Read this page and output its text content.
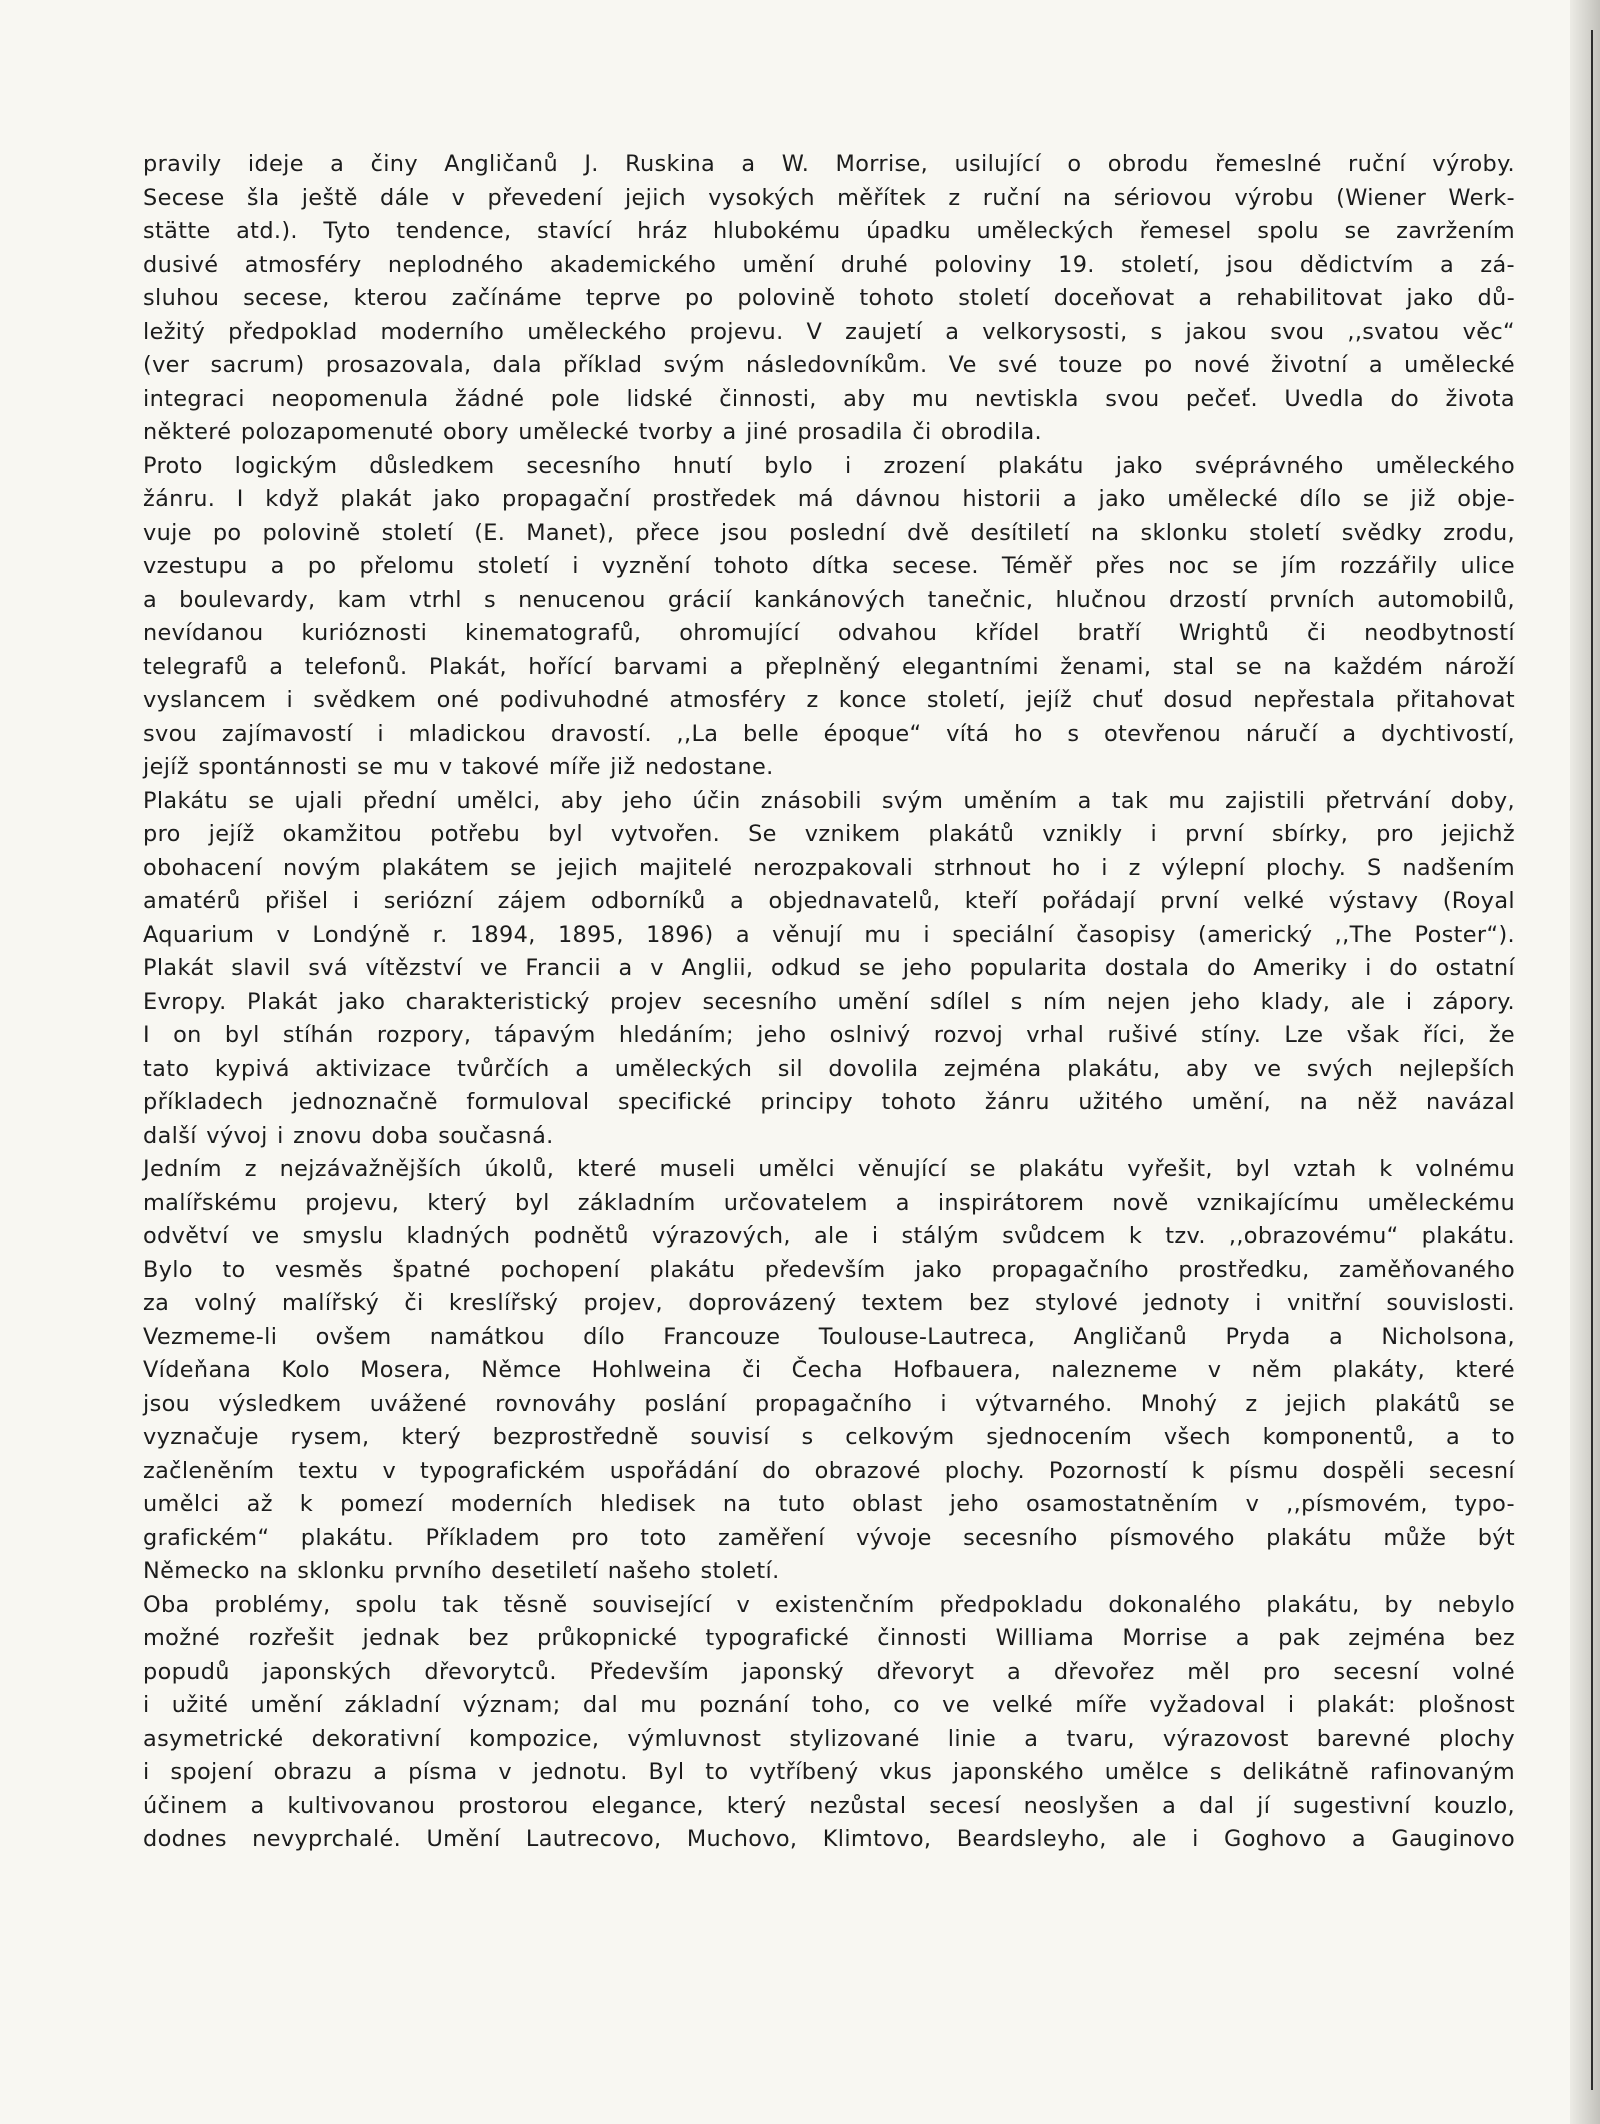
pravily ideje a činy Angličanů J. Ruskina a W. Morrise, usilující o obrodu řemeslné ruční výroby.
Secese šla ještě dále v převedení jejich vysokých měřítek z ruční na sériovou výrobu (Wiener Werk-
stätte atd.). Tyto tendence, stavící hráz hlubokému úpadku uměleckých řemesel spolu se zavržením
dusivé atmosféry neplodného akademického umění druhé poloviny 19. století, jsou dědictvím a zá-
sluhou secese, kterou začínáme teprve po polovině tohoto století doceňovat a rehabilitovat jako dů-
ležitý předpoklad moderního uměleckého projevu. V zaujetí a velkorysosti, s jakou svou ,,svatou věc“
(ver sacrum) prosazovala, dala příklad svým následovníkům. Ve své touze po nové životní a umělecké
integraci neopomenula žádné pole lidské činnosti, aby mu nevtiskla svou pečeť. Uvedla do života
některé polozapomenuté obory umělecké tvorby a jiné prosadila či obrodila.
Proto logickým důsledkem secesního hnutí bylo i zrození plakátu jako svéprávného uměleckého
žánru. I když plakát jako propagační prostředek má dávnou historii a jako umělecké dílo se již obje-
vuje po polovině století (E. Manet), přece jsou poslední dvě desítiletí na sklonku století svědky zrodu,
vzestupu a po přelomu století i vyznění tohoto dítka secese. Téměř přes noc se jím rozzářily ulice
a boulevardy, kam vtrhl s nenucenou grácií kankánových tanečnic, hlučnou drzostí prvních automobilů,
nevídanou kurióznosti kinematografů, ohromující odvahou křídel bratří Wrightů či neodbytností
telegrafů a telefonů. Plakát, hořící barvami a přeplněný elegantními ženami, stal se na každém nároží
vyslancem i svědkem oné podivuhodné atmosféry z konce století, jejíž chuť dosud nepřestala přitahovat
svou zajímavostí i mladickou dravostí. ,,La belle époque“ vítá ho s otevřenou náručí a dychtivostí,
jejíž spontánnosti se mu v takové míře již nedostane.
Plakátu se ujali přední umělci, aby jeho účin znásobili svým uměním a tak mu zajistili přetrvání doby,
pro jejíž okamžitou potřebu byl vytvořen. Se vznikem plakátů vznikly i první sbírky, pro jejichž
obohacení novým plakátem se jejich majitelé nerozpakovali strhnout ho i z výlepní plochy. S nadšením
amatérů přišel i seriózní zájem odborníků a objednavatelů, kteří pořádají první velké výstavy (Royal
Aquarium v Londýně r. 1894, 1895, 1896) a věnují mu i speciální časopisy (americký ,,The Poster“).
Plakát slavil svá vítězství ve Francii a v Anglii, odkud se jeho popularita dostala do Ameriky i do ostatní
Evropy. Plakát jako charakteristický projev secesního umění sdílel s ním nejen jeho klady, ale i zápory.
I on byl stíhán rozpory, tápavým hledáním; jeho oslnivý rozvoj vrhal rušivé stíny. Lze však říci, že
tato kypivá aktivizace tvůrčích a uměleckých sil dovolila zejména plakátu, aby ve svých nejlepších
příkladech jednoznačně formuloval specifické principy tohoto žánru užitého umění, na něž navázal
další vývoj i znovu doba současná.
Jedním z nejzávažnějších úkolů, které museli umělci věnující se plakátu vyřešit, byl vztah k volnému
malířskému projevu, který byl základním určovatelem a inspirátorem nově vznikajícímu uměleckému
odvětví ve smyslu kladných podnětů výrazových, ale i stálým svůdcem k tzv. ,,obrazovému“ plakátu.
Bylo to vesměs špatné pochopení plakátu především jako propagačního prostředku, zaměňovaného
za volný malířský či kreslířský projev, doprovázený textem bez stylové jednoty i vnitřní souvislosti.
Vezmeme-li ovšem namátkou dílo Francouze Toulouse-Lautreca, Angličanů Pryda a Nicholsona,
Vídeňana Kolo Mosera, Němce Hohlweina či Čecha Hofbauera, nalezneme v něm plakáty, které
jsou výsledkem uvážené rovnováhy poslání propagačního i výtvarného. Mnohý z jejich plakátů se
vyznačuje rysem, který bezprostředně souvisí s celkovým sjednocením všech komponentů, a to
začleněním textu v typografickém uspořádání do obrazové plochy. Pozorností k písmu dospěli secesní
umělci až k pomezí moderních hledisek na tuto oblast jeho osamostatněním v ,,písmovém, typo-
grafickém“ plakátu. Příkladem pro toto zaměření vývoje secesního písmového plakátu může být
Německo na sklonku prvního desetiletí našeho století.
Oba problémy, spolu tak těsně související v existenčním předpokladu dokonalého plakátu, by nebylo
možné rozřešit jednak bez průkopnické typografické činnosti Williama Morrise a pak zejména bez
popudů japonských dřevorytců. Především japonský dřevoryt a dřevořez měl pro secesní volné
i užité umění základní význam; dal mu poznání toho, co ve velké míře vyžadoval i plakát: plošnost
asymetrické dekorativní kompozice, výmluvnost stylizované linie a tvaru, výrazovost barevné plochy
i spojení obrazu a písma v jednotu. Byl to vytříbený vkus japonského umělce s delikátně rafinovaným
účinem a kultivovanou prostorou elegance, který nezůstal secesí neoslyšen a dal jí sugestivní kouzlo,
dodnes nevyprchalé. Umění Lautrecovo, Muchovo, Klimtovo, Beardsleyho, ale i Goghovo a Gauginovo
